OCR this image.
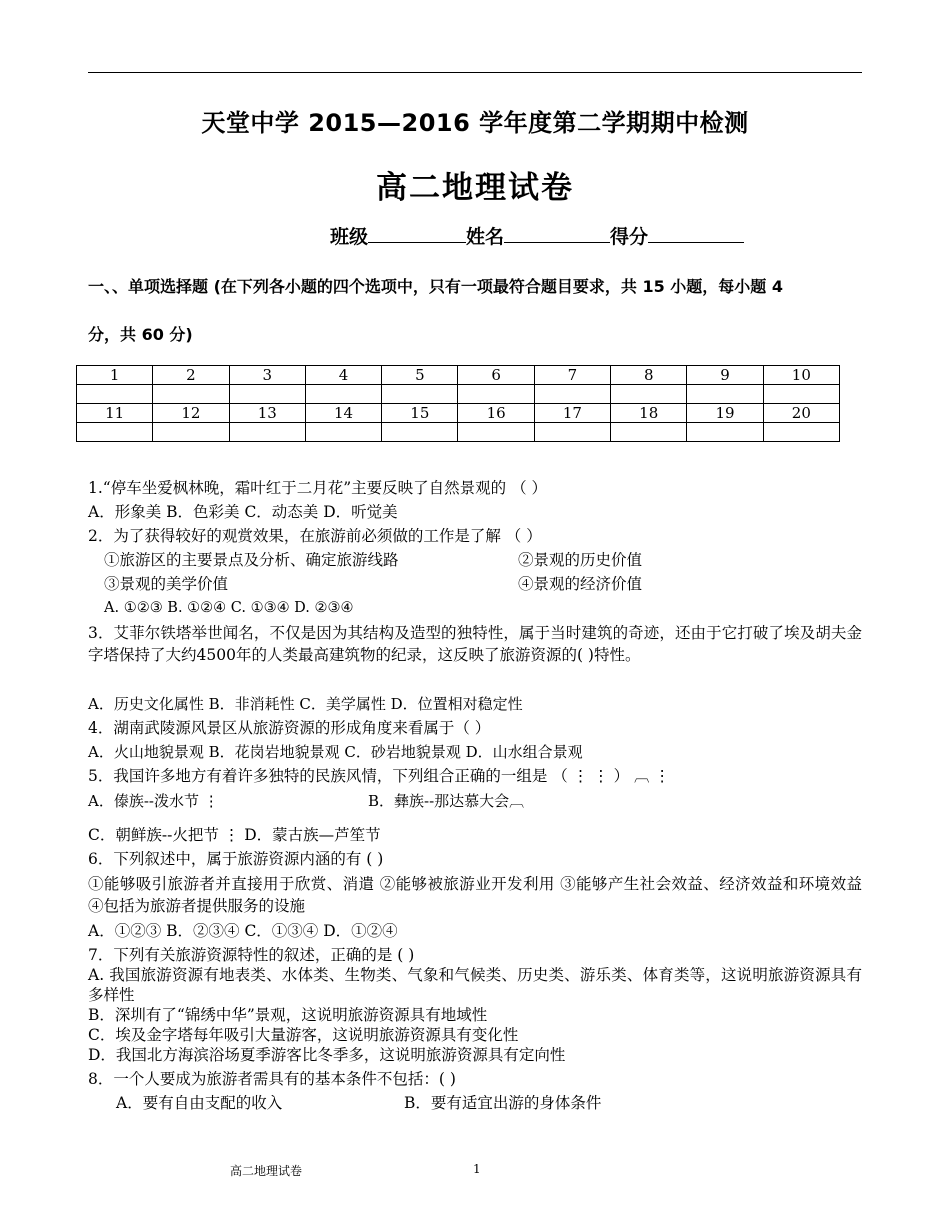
天堂中学 2015—2016 学年度第二学期期中检测
高二地理试卷
班级	姓名	得分
一、、单项选择题 (在下列各小题的四个选项中，只有一项最符合题目要求，共 15 小题，每小题 4
分，共 60 分)
1	2	3	4	5	6	7	8	9	10

11	12	13	14	15	16	17	18	19	20

1.“停车坐爱枫林晚，霜叶红于二月花”主要反映了自然景观的 （ ）
A．形象美 B．色彩美 C．动态美 D．听觉美
2．为了获得较好的观赏效果，在旅游前必须做的工作是了解 （ ）
①旅游区的主要景点及分析、确定旅游线路	②景观的历史价值
③景观的美学价值	④景观的经济价值
A. ①②③ B. ①②④ C. ①③④ D. ②③④
3．艾菲尔铁塔举世闻名，不仅是因为其结构及造型的独特性，属于当时建筑的奇迹，还由于它打破了埃及胡夫金字塔保持了大约4500年的人类最高建筑物的纪录，这反映了旅游资源的( )特性。
A．历史文化属性 B．非消耗性 C．美学属性 D．位置相对稳定性
4．湖南武陵源风景区从旅游资源的形成角度来看属于（ ）
A．火山地貌景观 B．花岗岩地貌景观 C．砂岩地貌景观 D．山水组合景观
5．我国许多地方有着许多独特的民族风情，下列组合正确的一组是 （ ⋮ ⋮ ） ︹ ⋮
A．傣族--泼水节 ⋮	B．彝族--那达慕大会︹
C．朝鲜族--火把节 ⋮ D．蒙古族—芦笙节
6．下列叙述中，属于旅游资源内涵的有 ( )
①能够吸引旅游者并直接用于欣赏、消遣 ②能够被旅游业开发利用 ③能够产生社会效益、经济效益和环境效益 ④包括为旅游者提供服务的设施
A．①②③ B．②③④ C．①③④ D．①②④
7．下列有关旅游资源特性的叙述，正确的是 ( )
A. 我国旅游资源有地表类、水体类、生物类、气象和气候类、历史类、游乐类、体育类等，这说明旅游资源具有多样性
B．深圳有了“锦绣中华”景观，这说明旅游资源具有地域性
C．埃及金字塔每年吸引大量游客，这说明旅游资源具有变化性
D．我国北方海滨浴场夏季游客比冬季多，这说明旅游资源具有定向性
8．一个人要成为旅游者需具有的基本条件不包括：( )
A．要有自由支配的收入	B．要有适宜出游的身体条件
高二地理试卷	1
